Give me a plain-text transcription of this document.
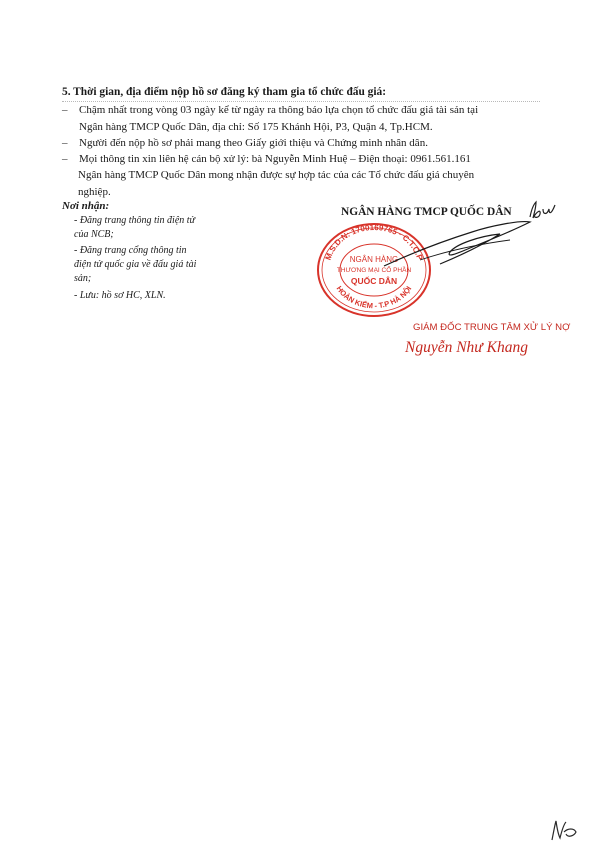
5. Thời gian, địa điểm nộp hồ sơ đăng ký tham gia tổ chức đấu giá:
– Chậm nhất trong vòng 03 ngày kể từ ngày ra thông báo lựa chọn tổ chức đấu giá tài sản tại
Ngân hàng TMCP Quốc Dân, địa chỉ: Số 175 Khánh Hội, P3, Quận 4, Tp.HCM.
– Người đến nộp hồ sơ phải mang theo Giấy giới thiệu và Chứng minh nhân dân.
– Mọi thông tin xin liên hệ cán bộ xử lý: bà Nguyễn Minh Huệ – Điện thoại: 0961.561.161
Ngân hàng TMCP Quốc Dân mong nhận được sự hợp tác của các Tổ chức đấu giá chuyên
nghiệp.
Nơi nhận:
- Đăng trang thông tin điện tử
của NCB;
- Đăng trang cổng thông tin
điện tử quốc gia về đấu giá tài
sản;
- Lưu: hồ sơ HC, XLN.
NGÂN HÀNG TMCP QUỐC DÂN
M.S.D.N: 1700169765 · C.T.C.P
HOÀN KIẾM - T.P HÀ NỘI
NGÂN HÀNG
THƯƠNG MẠI CỔ PHẦN
QUỐC DÂN
GIÁM ĐỐC TRUNG TÂM XỬ LÝ NỢ
Nguyễn Như Khang
